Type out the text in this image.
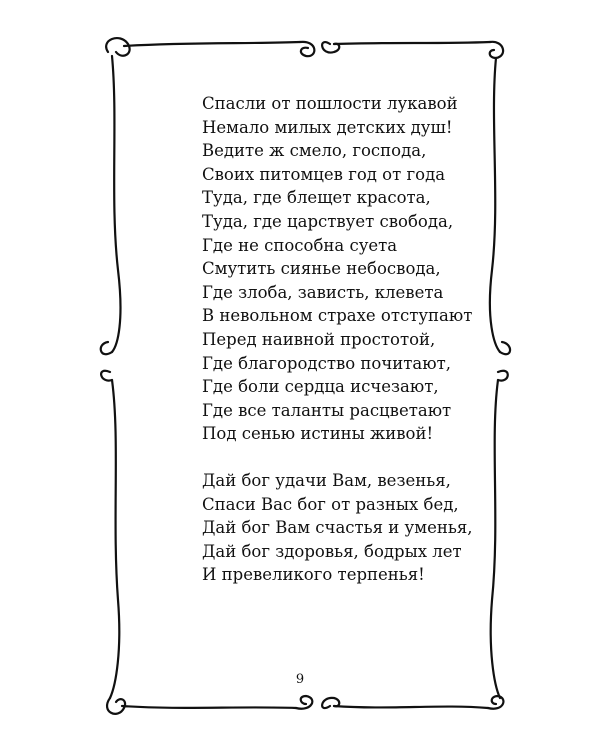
Спасли от пошлости лукавой
Немало милых детских душ!
Ведите ж смело, господа,
Своих питомцев год от года
Туда, где блещет красота,
Туда, где царствует свобода,
Где не способна суета
Смутить сиянье небосвода,
Где злоба, зависть, клевета
В невольном страхе отступают
Перед наивной простотой,
Где благородство почитают,
Где боли сердца исчезают,
Где все таланты расцветают
Под сенью истины живой!
Дай бог удачи Вам, везенья,
Спаси Вас бог от разных бед,
Дай бог Вам счастья и уменья,
Дай бог здоровья, бодрых лет
И превеликого терпенья!
9
